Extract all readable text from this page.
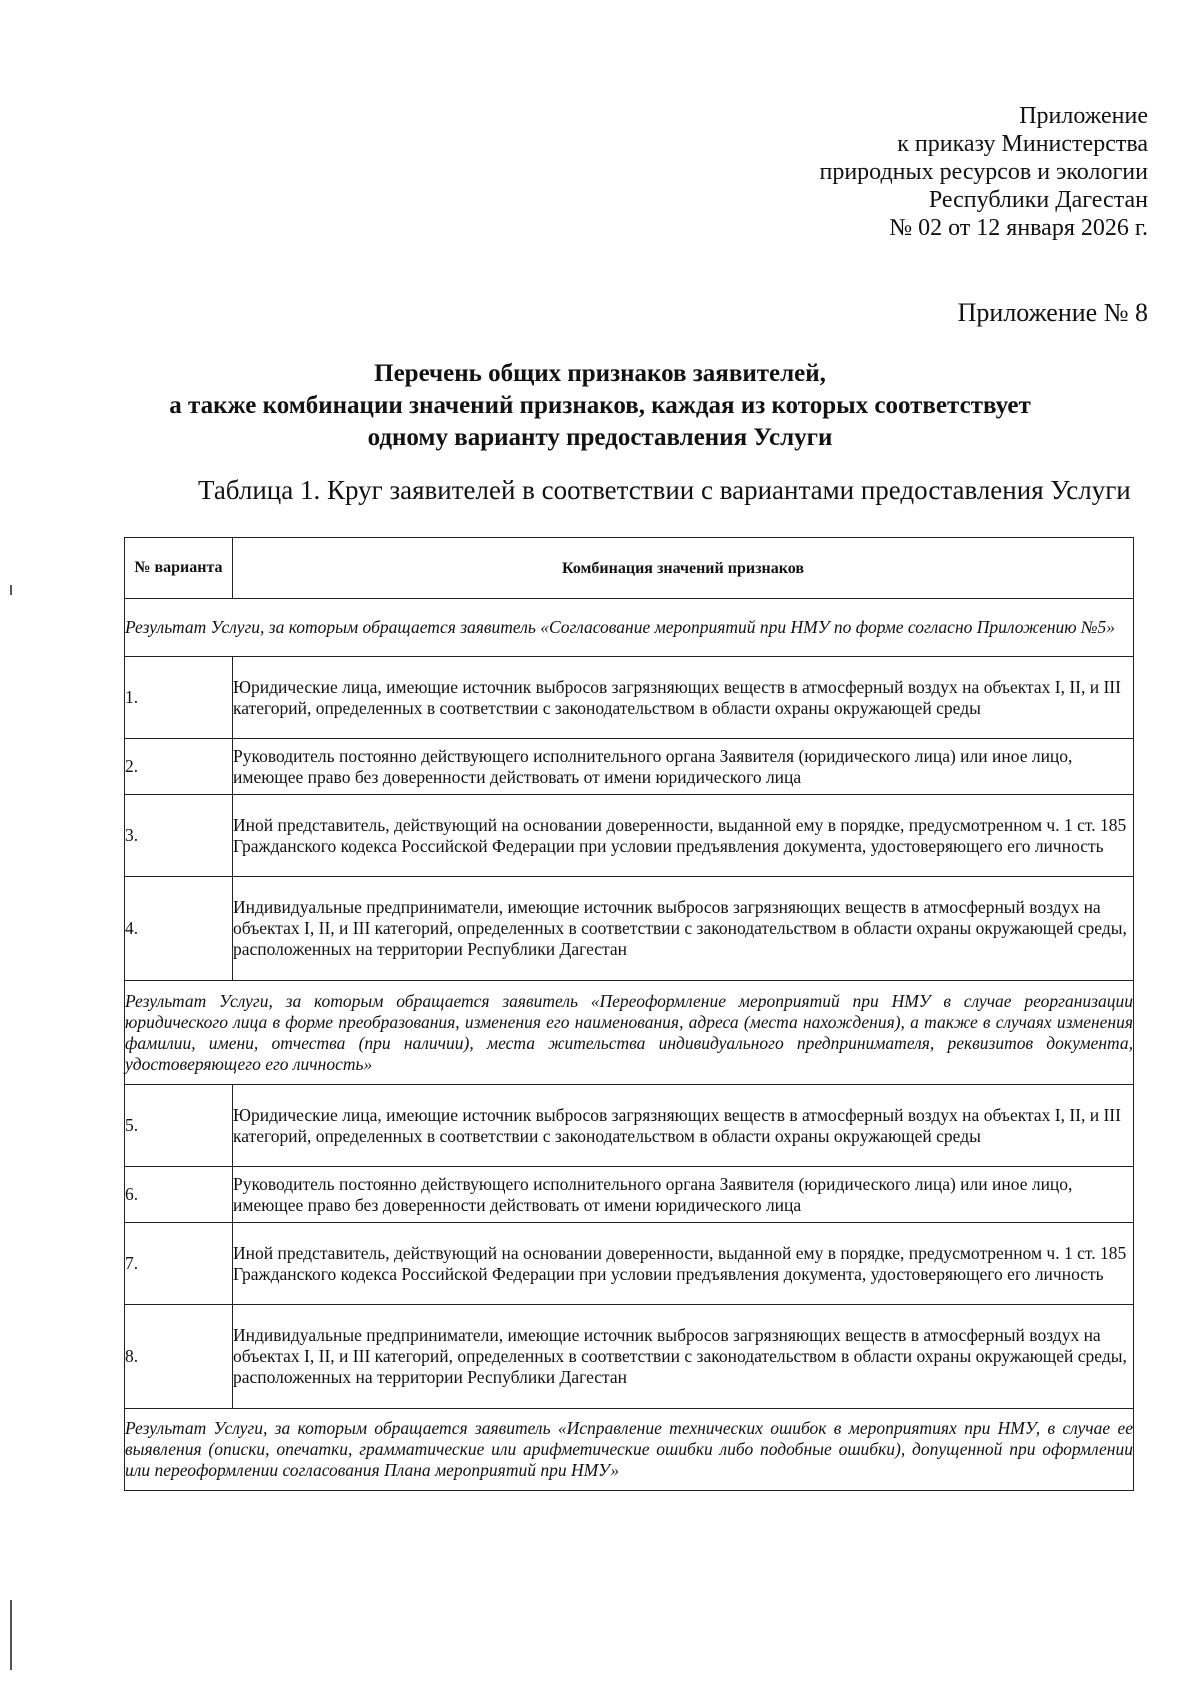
Приложение
к приказу Министерства
природных ресурсов и экологии
Республики Дагестан
№ 02 от 12 января 2026 г.
Приложение № 8
Перечень общих признаков заявителей,
а также комбинации значений признаков, каждая из которых соответствует
одному варианту предоставления Услуги
Таблица 1. Круг заявителей в соответствии с вариантами предоставления Услуги
№ варианта	Комбинация значений признаков
Результат Услуги, за которым обращается заявитель «Согласование мероприятий при НМУ по форме согласно Приложению №5»	
1.	Юридические лица, имеющие источник выбросов загрязняющих веществ в атмосферный воздух на объектах I, II, и III категорий, определенных в соответствии с законодательством в области охраны окружающей среды
2.	Руководитель постоянно действующего исполнительного органа Заявителя (юридического лица) или иное лицо, имеющее право без доверенности действовать от имени юридического лица
3.	Иной представитель, действующий на основании доверенности, выданной ему в порядке, предусмотренном ч. 1 ст. 185 Гражданского кодекса Российской Федерации при условии предъявления документа, удостоверяющего его личность
4.	Индивидуальные предприниматели, имеющие источник выбросов загрязняющих веществ в атмосферный воздух на объектах I, II, и III категорий, определенных в соответствии с законодательством в области охраны окружающей среды, расположенных на территории Республики Дагестан
Результат Услуги, за которым обращается заявитель «Переоформление мероприятий при НМУ в случае реорганизации юридического лица в форме преобразования, изменения его наименования, адреса (места нахождения), а также в случаях изменения фамилии, имени, отчества (при наличии), места жительства индивидуального предпринимателя, реквизитов документа, удостоверяющего его личность»	
5.	Юридические лица, имеющие источник выбросов загрязняющих веществ в атмосферный воздух на объектах I, II, и III категорий, определенных в соответствии с законодательством в области охраны окружающей среды
6.	Руководитель постоянно действующего исполнительного органа Заявителя (юридического лица) или иное лицо, имеющее право без доверенности действовать от имени юридического лица
7.	Иной представитель, действующий на основании доверенности, выданной ему в порядке, предусмотренном ч. 1 ст. 185 Гражданского кодекса Российской Федерации при условии предъявления документа, удостоверяющего его личность
8.	Индивидуальные предприниматели, имеющие источник выбросов загрязняющих веществ в атмосферный воздух на объектах I, II, и III категорий, определенных в соответствии с законодательством в области охраны окружающей среды, расположенных на территории Республики Дагестан
Результат Услуги, за которым обращается заявитель «Исправление технических ошибок в мероприятиях при НМУ, в случае ее выявления (описки, опечатки, грамматические или арифметические ошибки либо подобные ошибки), допущенной при оформлении или переоформлении согласования Плана мероприятий при НМУ»	
